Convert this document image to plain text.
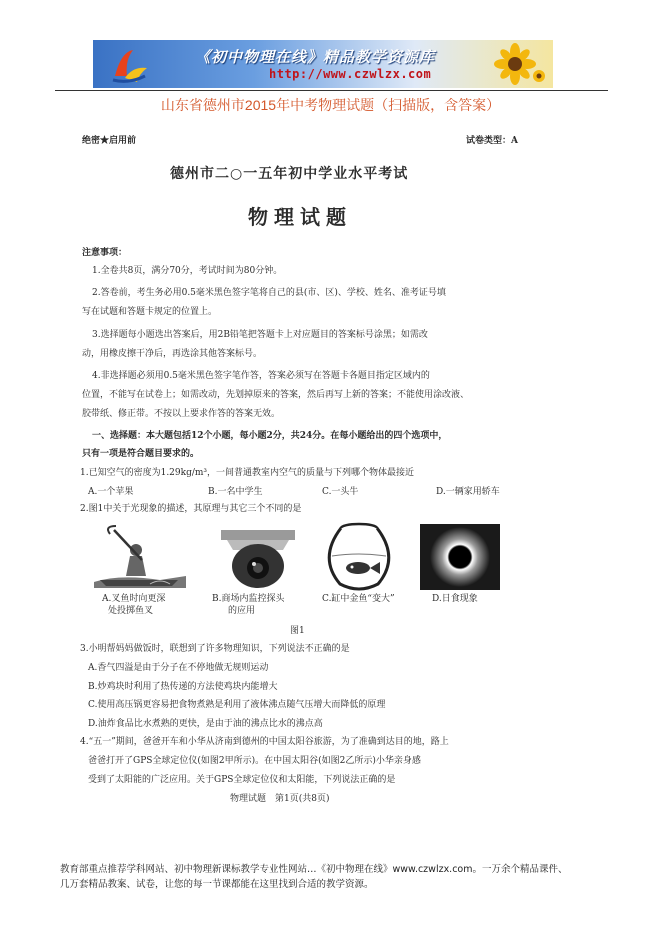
《初中物理在线》精品教学资源库
http://www.czwlzx.com
山东省德州市2015年中考物理试题（扫描版，含答案）
绝密★启用前	试卷类型：A
德州市二○一五年初中学业水平考试
物理试题
注意事项：
1.全卷共8页，满分70分，考试时间为80分钟。
2.答卷前，考生务必用0.5毫米黑色签字笔将自己的县(市、区)、学校、姓名、准考证号填
写在试题和答题卡规定的位置上。
3.选择题每小题选出答案后，用2B铅笔把答题卡上对应题目的答案标号涂黑；如需改
动，用橡皮擦干净后，再选涂其他答案标号。
4.非选择题必须用0.5毫米黑色签字笔作答，答案必须写在答题卡各题目指定区域内的
位置，不能写在试卷上；如需改动，先划掉原来的答案，然后再写上新的答案；不能使用涂改液、
胶带纸、修正带。不按以上要求作答的答案无效。
一、选择题：本大题包括12个小题，每小题2分，共24分。在每小题给出的四个选项中，
只有一项是符合题目要求的。
1.已知空气的密度为1.29kg/m³，一间普通教室内空气的质量与下列哪个物体最接近
A.一个苹果	B.一名中学生	C.一头牛	D.一辆家用轿车
2.图1中关于光现象的描述，其原理与其它三个不同的是
A.叉鱼时向更深
处投掷鱼叉
B.商场内监控探头
的应用
C.缸中金鱼“变大”	D.日食现象
图1
3.小明帮妈妈做饭时，联想到了许多物理知识，下列说法不正确的是
A.香气四溢是由于分子在不停地做无规则运动
B.炒鸡块时利用了热传递的方法使鸡块内能增大
C.使用高压锅更容易把食物煮熟是利用了液体沸点随气压增大而降低的原理
D.油炸食品比水煮熟的更快，是由于油的沸点比水的沸点高
4.“五一”期间，爸爸开车和小华从济南到德州的中国太阳谷旅游，为了准确到达目的地，路上
爸爸打开了GPS全球定位仪(如图2甲所示)。在中国太阳谷(如图2乙所示)小华亲身感
受到了太阳能的广泛应用。关于GPS全球定位仪和太阳能，下列说法正确的是
物理试题　第1页(共8页)
教育部重点推荐学科网站、初中物理新课标教学专业性网站…《初中物理在线》www.czwlzx.com。一万余个精品课件、
几万套精品教案、试卷，让您的每一节课都能在这里找到合适的教学资源。
